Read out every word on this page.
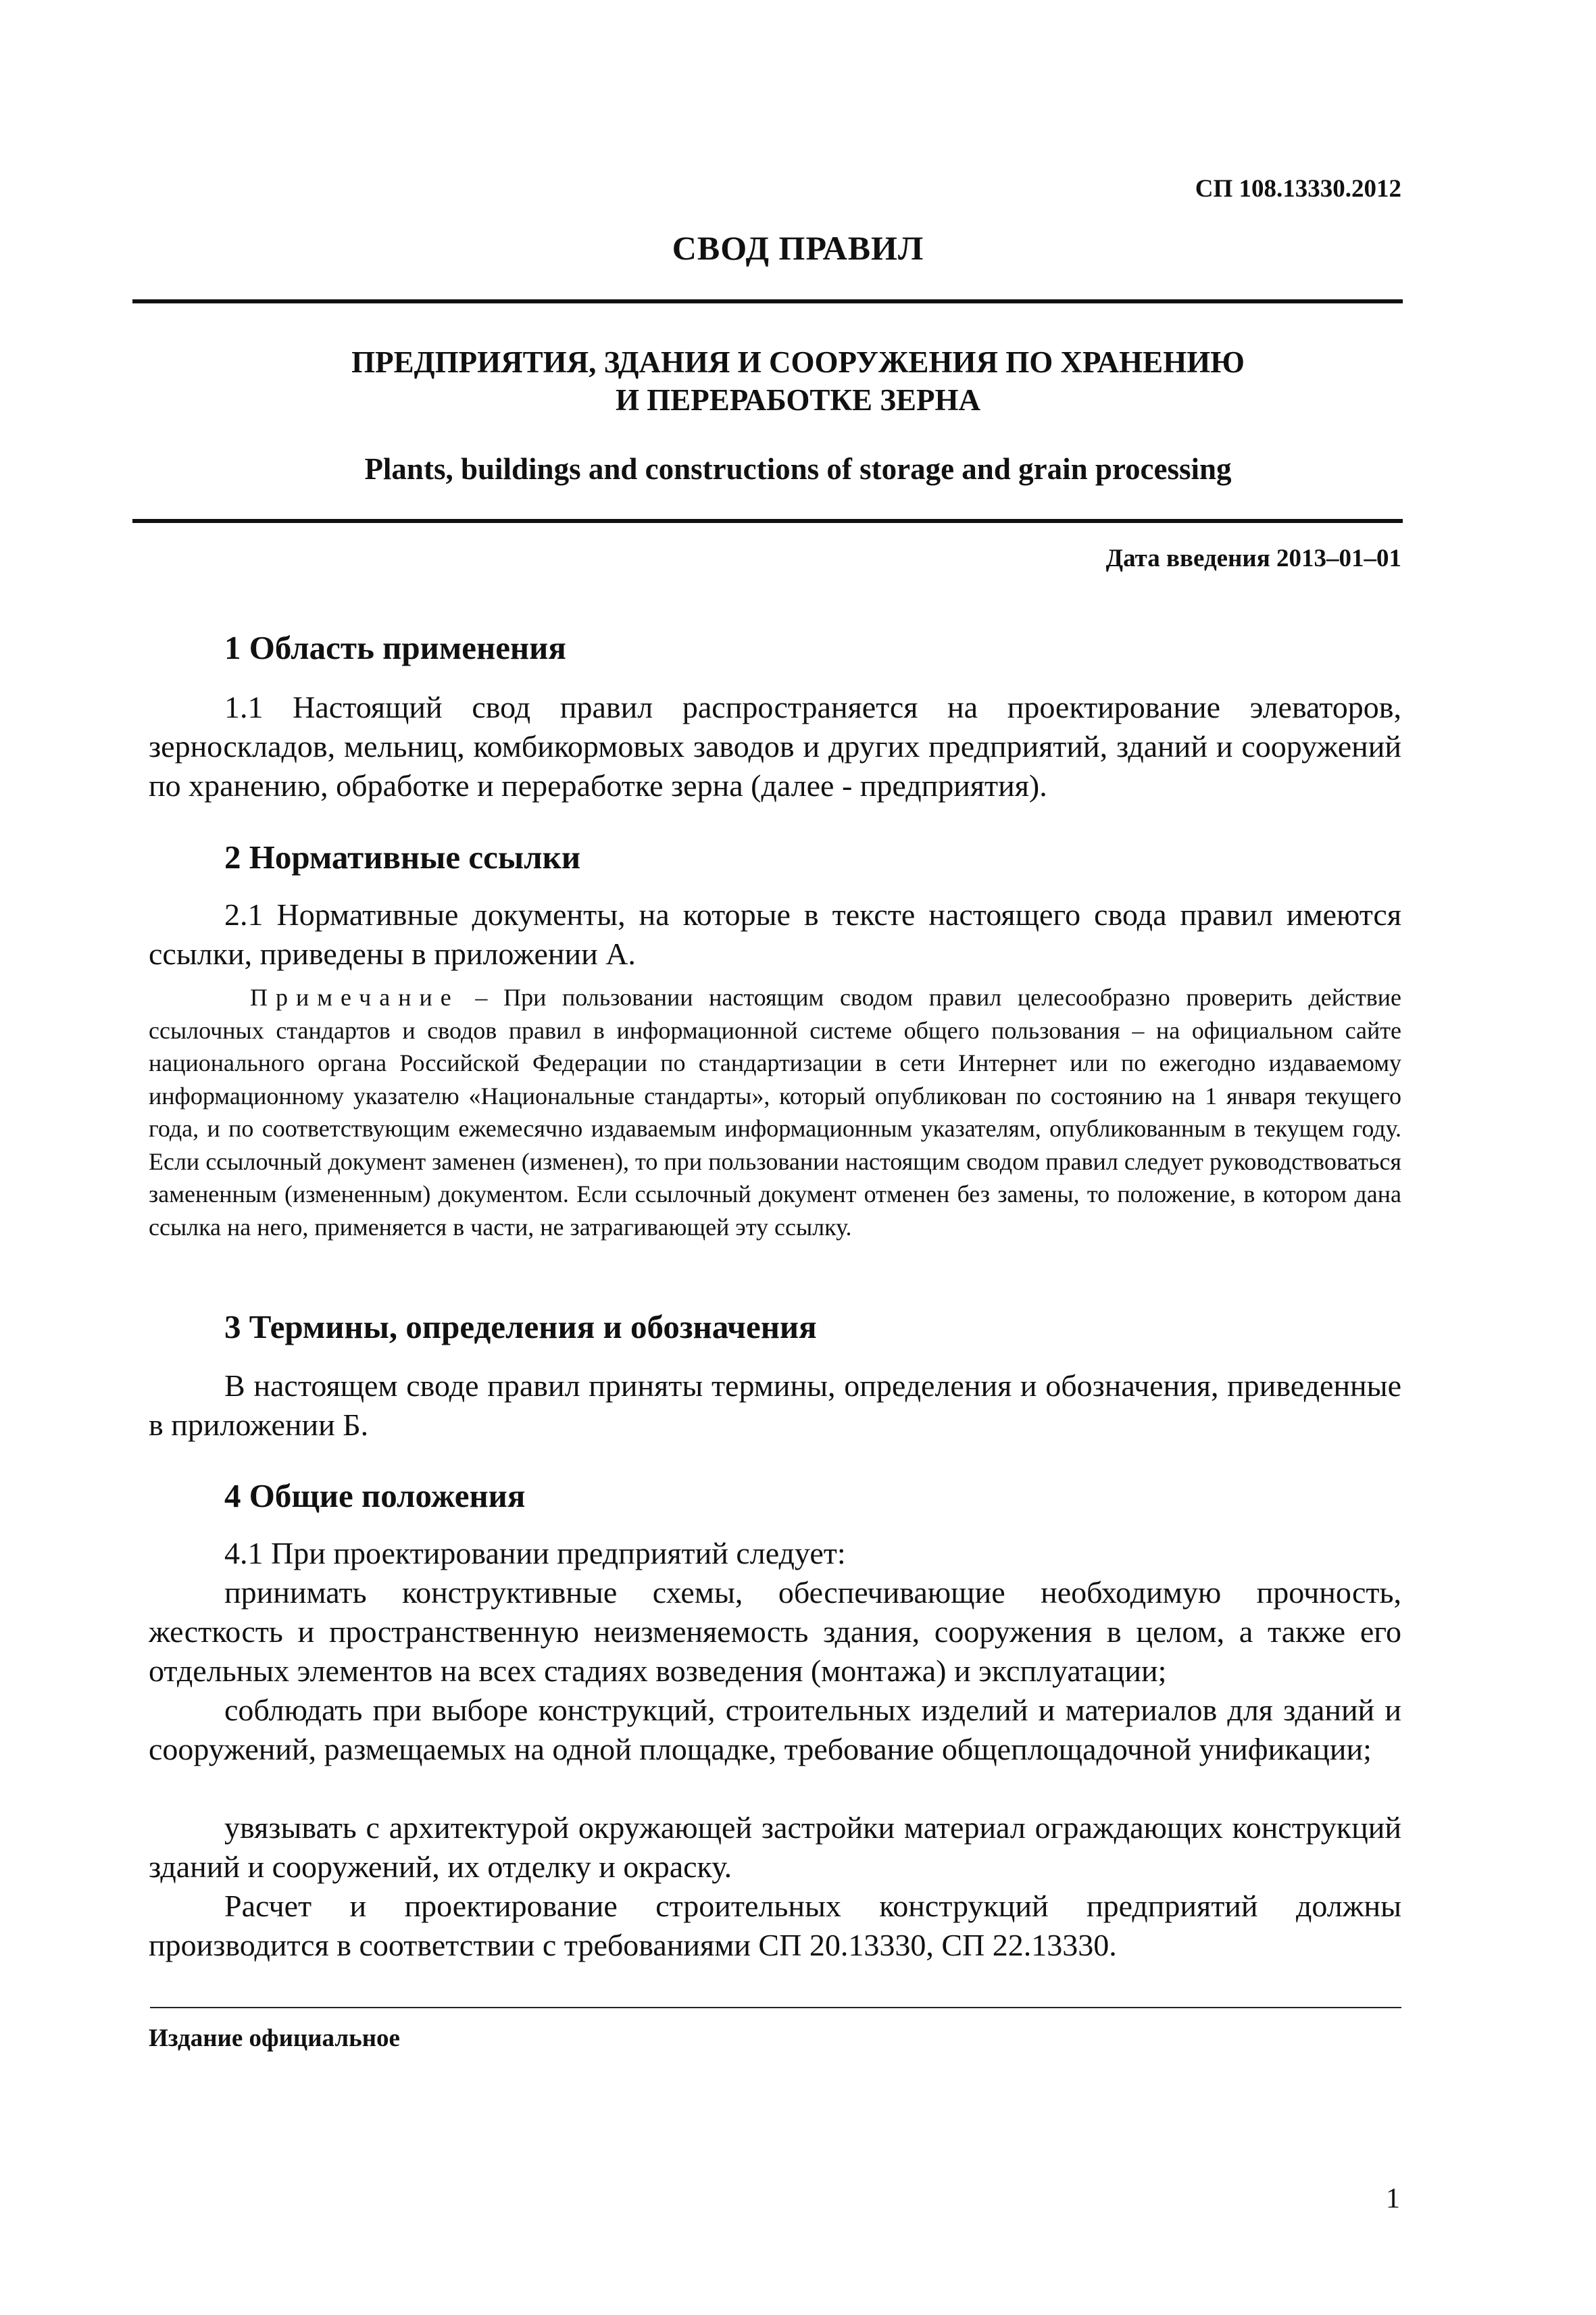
СП 108.13330.2012
СВОД ПРАВИЛ
ПРЕДПРИЯТИЯ, ЗДАНИЯ И СООРУЖЕНИЯ ПО ХРАНЕНИЮ
И ПЕРЕРАБОТКЕ ЗЕРНА
Plants, buildings and constructions of storage and grain processing
Дата введения 2013–01–01
1 Область применения
1.1 Настоящий свод правил распространяется на проектирование элеваторов, зерноскладов, мельниц, комбикормовых заводов и других предприятий, зданий и сооружений по хранению, обработке и переработке зерна (далее - предприятия).
2 Нормативные ссылки
2.1 Нормативные документы, на которые в тексте настоящего свода правил имеются ссылки, приведены в приложении А.
Примечание – При пользовании настоящим сводом правил целесообразно проверить действие ссылочных стандартов и сводов правил в информационной системе общего пользования – на официальном сайте национального органа Российской Федерации по стандартизации в сети Интернет или по ежегодно издаваемому информационному указателю «Национальные стандарты», который опубликован по состоянию на 1 января текущего года, и по соответствующим ежемесячно издаваемым информационным указателям, опубликованным в текущем году. Если ссылочный документ заменен (изменен), то при пользовании настоящим сводом правил следует руководствоваться замененным (измененным) документом. Если ссылочный документ отменен без замены, то положение, в котором дана ссылка на него, применяется в части, не затрагивающей эту ссылку.
3 Термины, определения и обозначения
В настоящем своде правил приняты термины, определения и обозначения, приведенные в приложении Б.
4 Общие положения
4.1 При проектировании предприятий следует:
принимать конструктивные схемы, обеспечивающие необходимую прочность, жесткость и пространственную неизменяемость здания, сооружения в целом, а также его отдельных элементов на всех стадиях возведения (монтажа) и эксплуатации;
соблюдать при выборе конструкций, строительных изделий и материалов для зданий и сооружений, размещаемых на одной площадке, требование общеплощадочной унификации;
увязывать с архитектурой окружающей застройки материал ограждающих конструкций зданий и сооружений, их отделку и окраску.
Расчет и проектирование строительных конструкций предприятий должны производится в соответствии с требованиями СП 20.13330, СП 22.13330.
Издание официальное
1
